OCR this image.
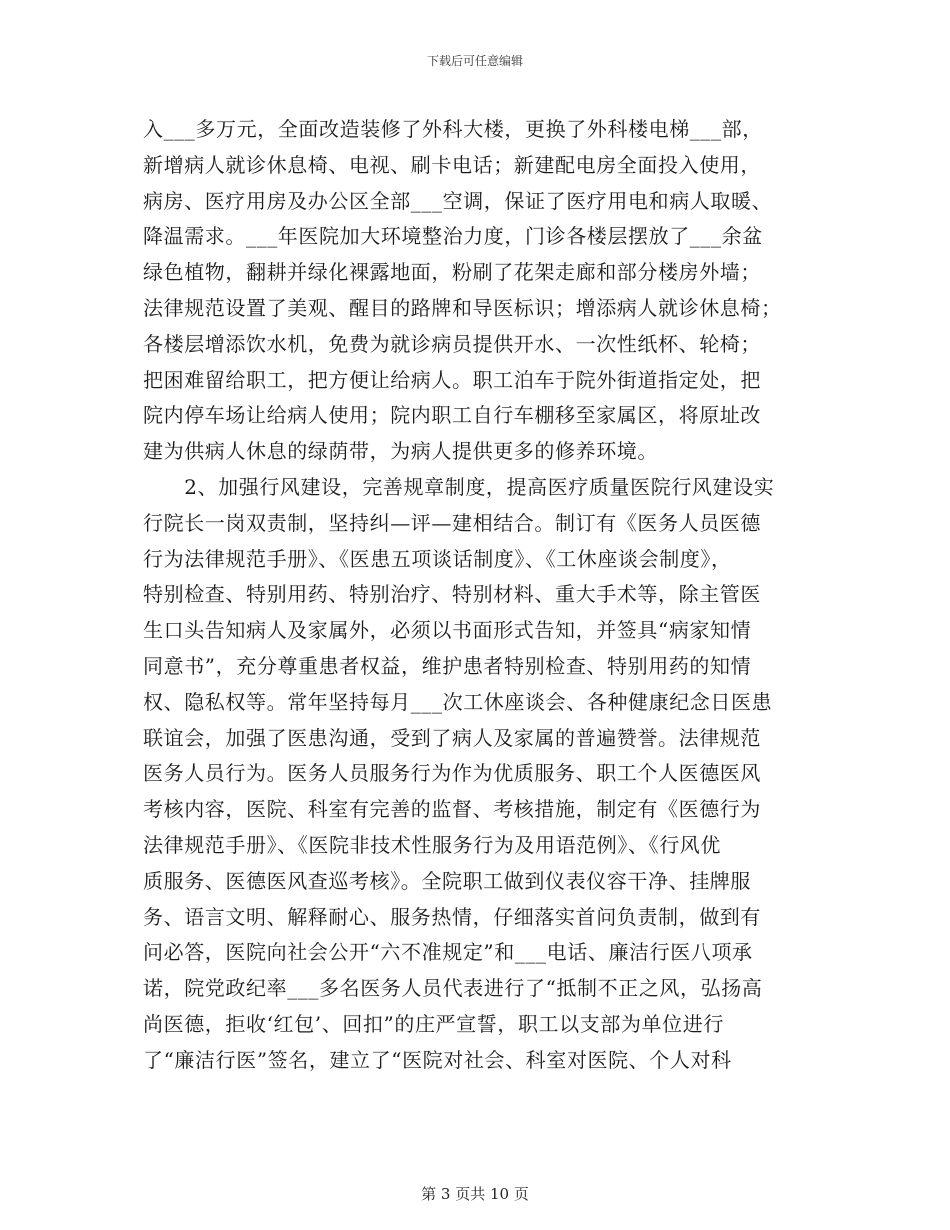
下载后可任意编辑
入___多万元，全面改造装修了外科大楼，更换了外科楼电梯___部，
新增病人就诊休息椅、电视、刷卡电话；新建配电房全面投入使用，
病房、医疗用房及办公区全部___空调，保证了医疗用电和病人取暖、
降温需求。___年医院加大环境整治力度，门诊各楼层摆放了___余盆
绿色植物，翻耕并绿化裸露地面，粉刷了花架走廊和部分楼房外墙；
法律规范设置了美观、醒目的路牌和导医标识；增添病人就诊休息椅；
各楼层增添饮水机，免费为就诊病员提供开水、一次性纸杯、轮椅；
把困难留给职工，把方便让给病人。职工泊车于院外街道指定处，把
院内停车场让给病人使用；院内职工自行车棚移至家属区，将原址改
建为供病人休息的绿荫带，为病人提供更多的修养环境。
　　2、加强行风建设，完善规章制度，提高医疗质量医院行风建设实
行院长一岗双责制，坚持纠—评—建相结合。制订有《医务人员医德
行为法律规范手册》、《医患五项谈话制度》、《工休座谈会制度》，
特别检查、特别用药、特别治疗、特别材料、重大手术等，除主管医
生口头告知病人及家属外，必须以书面形式告知，并签具“病家知情
同意书”，充分尊重患者权益，维护患者特别检查、特别用药的知情
权、隐私权等。常年坚持每月___次工休座谈会、各种健康纪念日医患
联谊会，加强了医患沟通，受到了病人及家属的普遍赞誉。法律规范
医务人员行为。医务人员服务行为作为优质服务、职工个人医德医风
考核内容，医院、科室有完善的监督、考核措施，制定有《医德行为
法律规范手册》、《医院非技术性服务行为及用语范例》、《行风优
质服务、医德医风查巡考核》。全院职工做到仪表仪容干净、挂牌服
务、语言文明、解释耐心、服务热情，仔细落实首问负责制，做到有
问必答，医院向社会公开“六不准规定”和___电话、廉洁行医八项承
诺，院党政纪率___多名医务人员代表进行了“抵制不正之风，弘扬高
尚医德，拒收‘红包’、回扣”的庄严宣誓，职工以支部为单位进行
了“廉洁行医”签名，建立了“医院对社会、科室对医院、个人对科
第 3 页共 10 页
